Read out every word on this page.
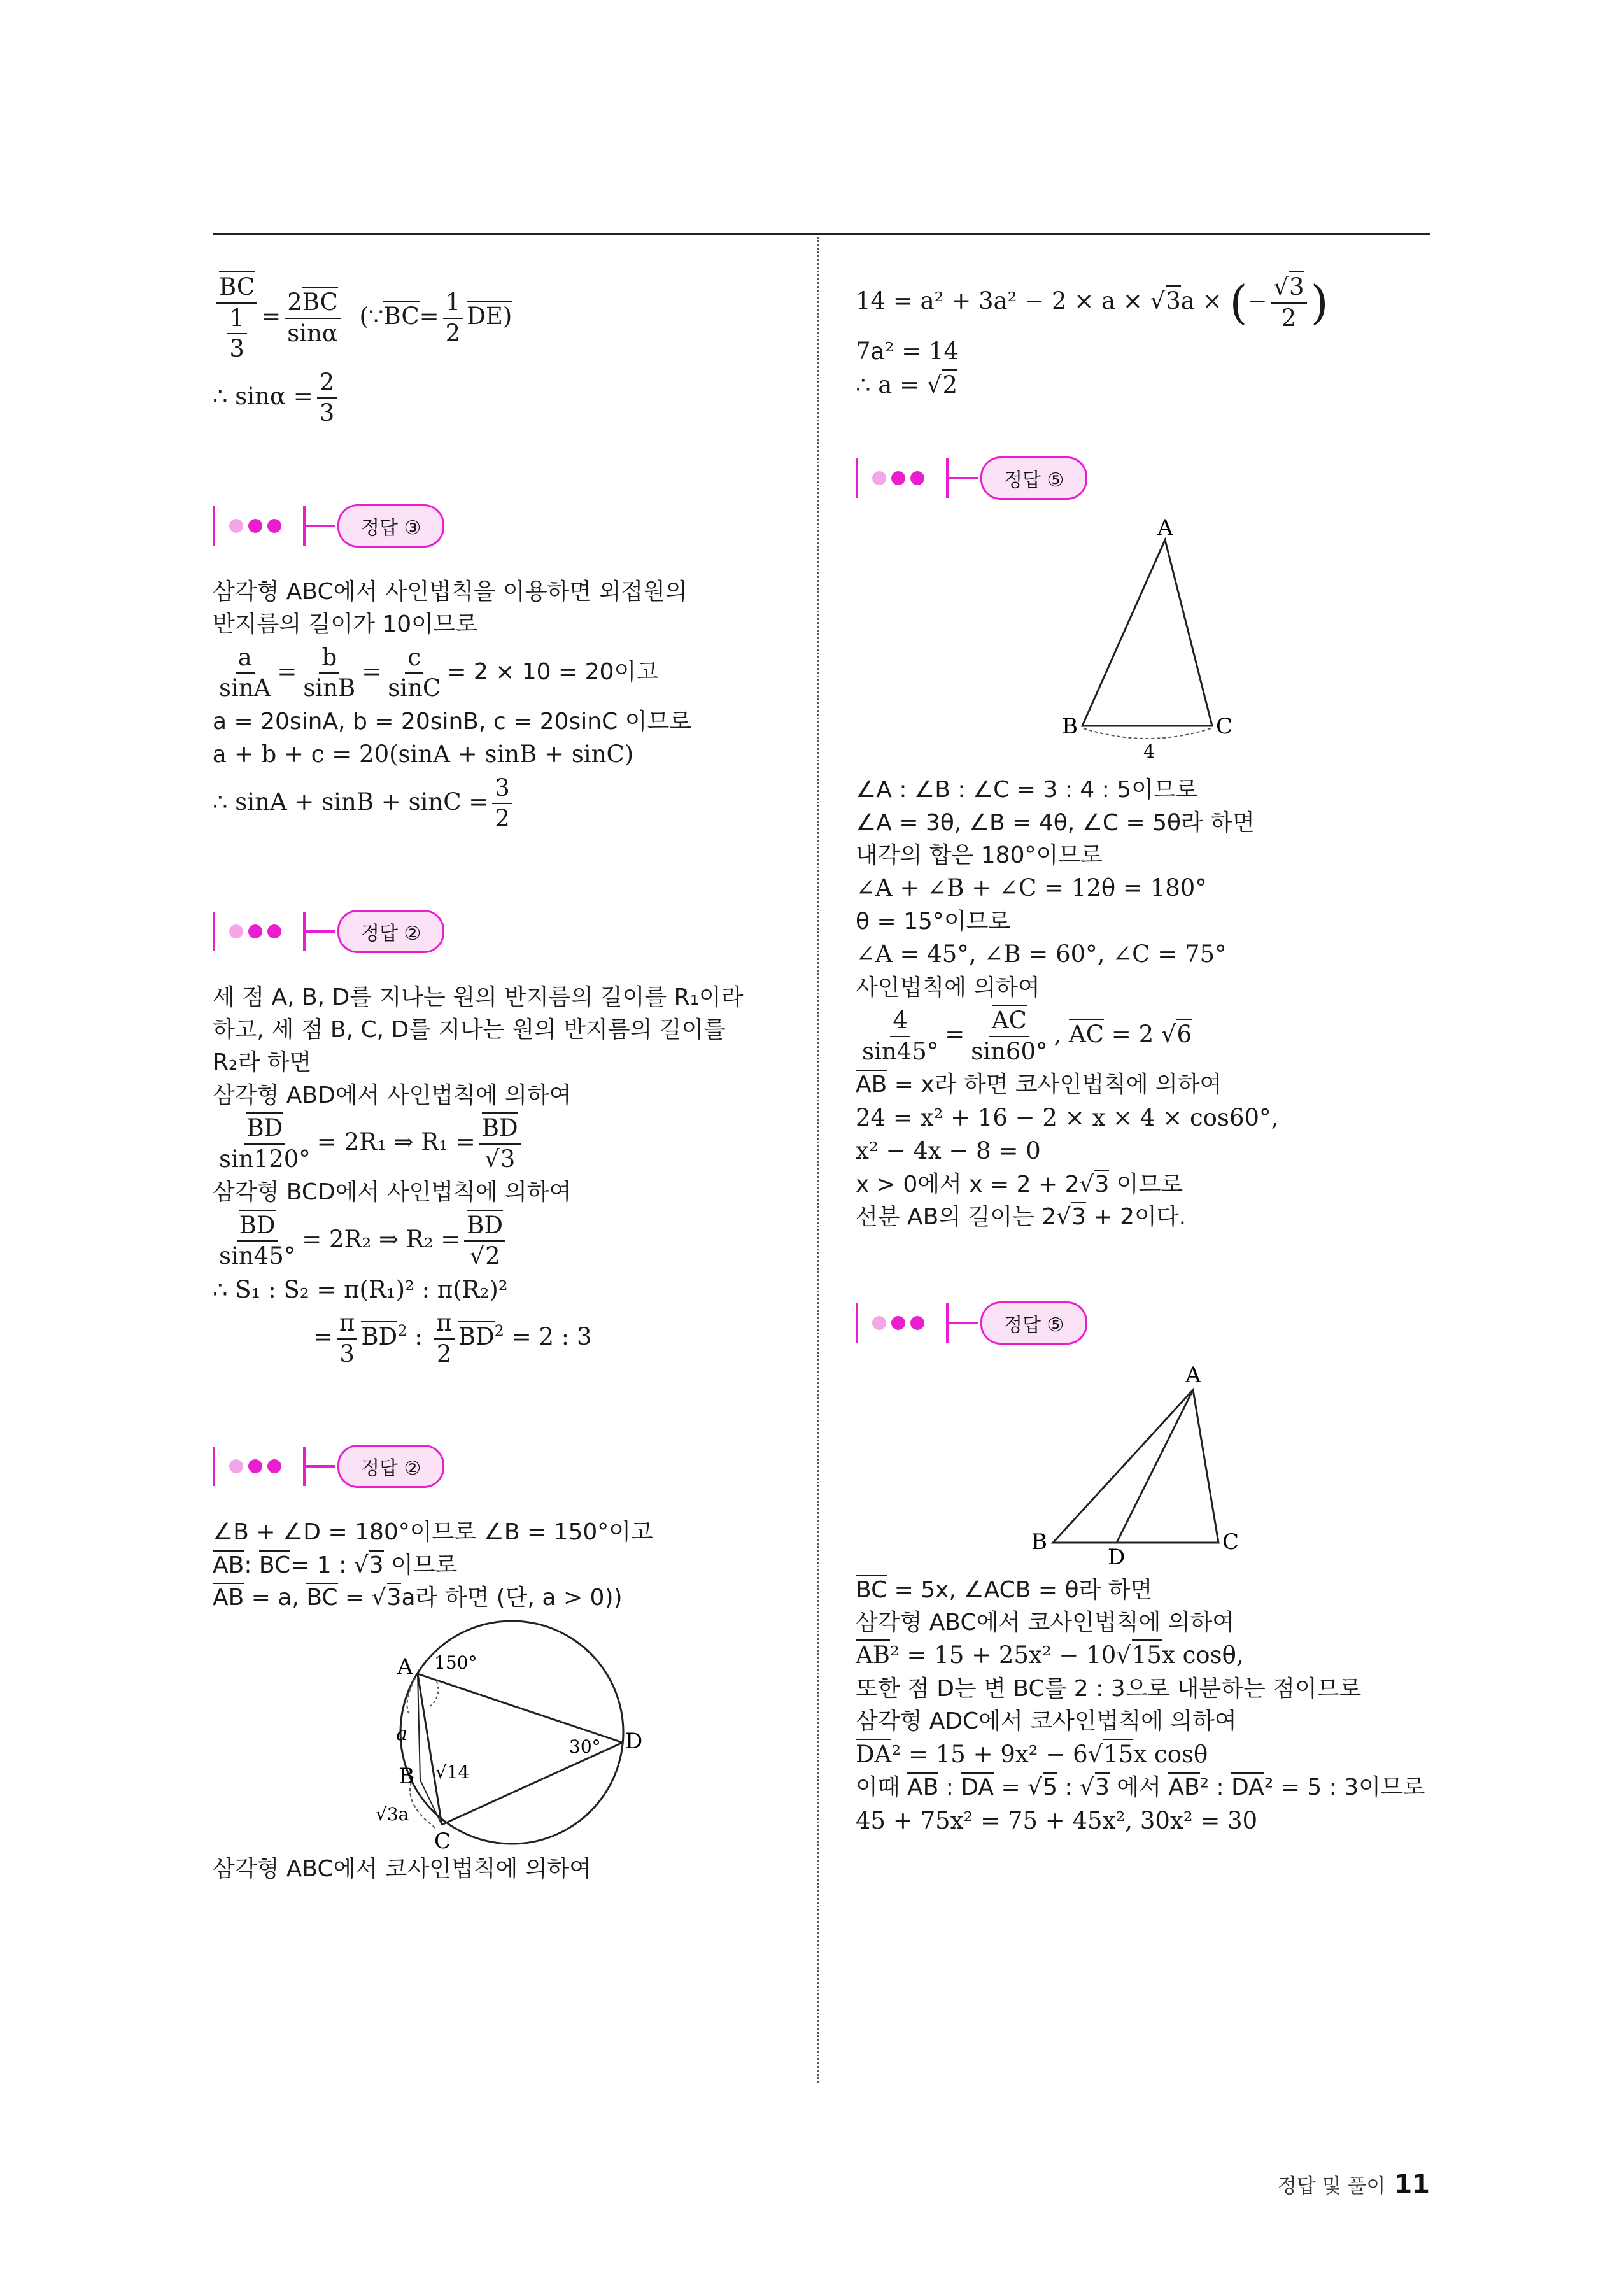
$\frac{BC}{\frac{1}{3}} = \frac{2BC}{\sin\alpha}$ (∵BC= $\frac{1}{2} DE$)
∴ $\sin\alpha = \frac{2}{3}$
정답 ③
삼각형 ABC에서 사인법칙을 이용하면 외접원의
반지름의 길이가 10이므로
$\frac{a}{\sin A} = \frac{b}{\sin B} = \frac{c}{\sin C} = 2 \times 10 = 20$이고
a = 20sinA, b = 20sinB, c = 20sinC 이므로
a + b + c = 20(sinA + sinB + sinC)
∴ $\sin A + \sin B + \sin C = \frac{3}{2}$
정답 ②
세 점 A, B, D를 지나는 원의 반지름의 길이를 R₁이라
하고, 세 점 B, C, D를 지나는 원의 반지름의 길이를
R₂라 하면
삼각형 ABD에서 사인법칙에 의하여
$\frac{BD}{\sin 120^\circ} = 2R_1$ ⇒ $R_1 = \frac{BD}{√3}$
삼각형 BCD에서 사인법칙에 의하여
$\frac{BD}{\sin 45^\circ} = 2R_2$ ⇒ $R_2 = \frac{BD}{√2}$
∴ S₁ : S₂ = π(R₁)² : π(R₂)²
= $\frac{\pi}{3} BD^2$ : $\frac{\pi}{2} BD^2 = 2$ : 3
정답 ②
∠B + ∠D = 180°이므로 ∠B = 150°이고
AB: BC= 1 : √3 이므로
AB = a, BC = √3a라 하면 (단, a > 0))
A
B
C
D
150°
30°
a
√14
√3a
삼각형 ABC에서 코사인법칙에 의하여
14 = a² + 3a² − 2 × a × √3a × (− $\frac{√3}{2}$ )
7a² = 14
∴ a = √2
정답 ⑤
A
B	C
4
∠A : ∠B : ∠C = 3 : 4 : 5이므로
∠A = 3θ, ∠B = 4θ, ∠C = 5θ라 하면
내각의 합은 180°이므로
∠A + ∠B + ∠C = 12θ = 180°
θ = 15°이므로
∠A = 45°, ∠B = 60°, ∠C = 75°
사인법칙에 의하여
$\frac{4}{\sin 45^\circ} = \frac{AC}{\sin 60^\circ}$ , AC = 2 √6
AB = x라 하면 코사인법칙에 의하여
24 = x² + 16 − 2 × x × 4 × cos60°,
x² − 4x − 8 = 0
x > 0에서 x = 2 + 2√3 이므로
선분 AB의 길이는 2√3 + 2이다.
정답 ⑤
A
B	C
D
BC = 5x, ∠ACB = θ라 하면
삼각형 ABC에서 코사인법칙에 의하여
AB² = 15 + 25x² − 10√15x cosθ,
또한 점 D는 변 BC를 2 : 3으로 내분하는 점이므로
삼각형 ADC에서 코사인법칙에 의하여
DA² = 15 + 9x² − 6√15x cosθ
이때 AB : DA = √5 : √3 에서 AB² : DA² = 5 : 3이므로
45 + 75x² = 75 + 45x², 30x² = 30
정답 및 풀이 11
